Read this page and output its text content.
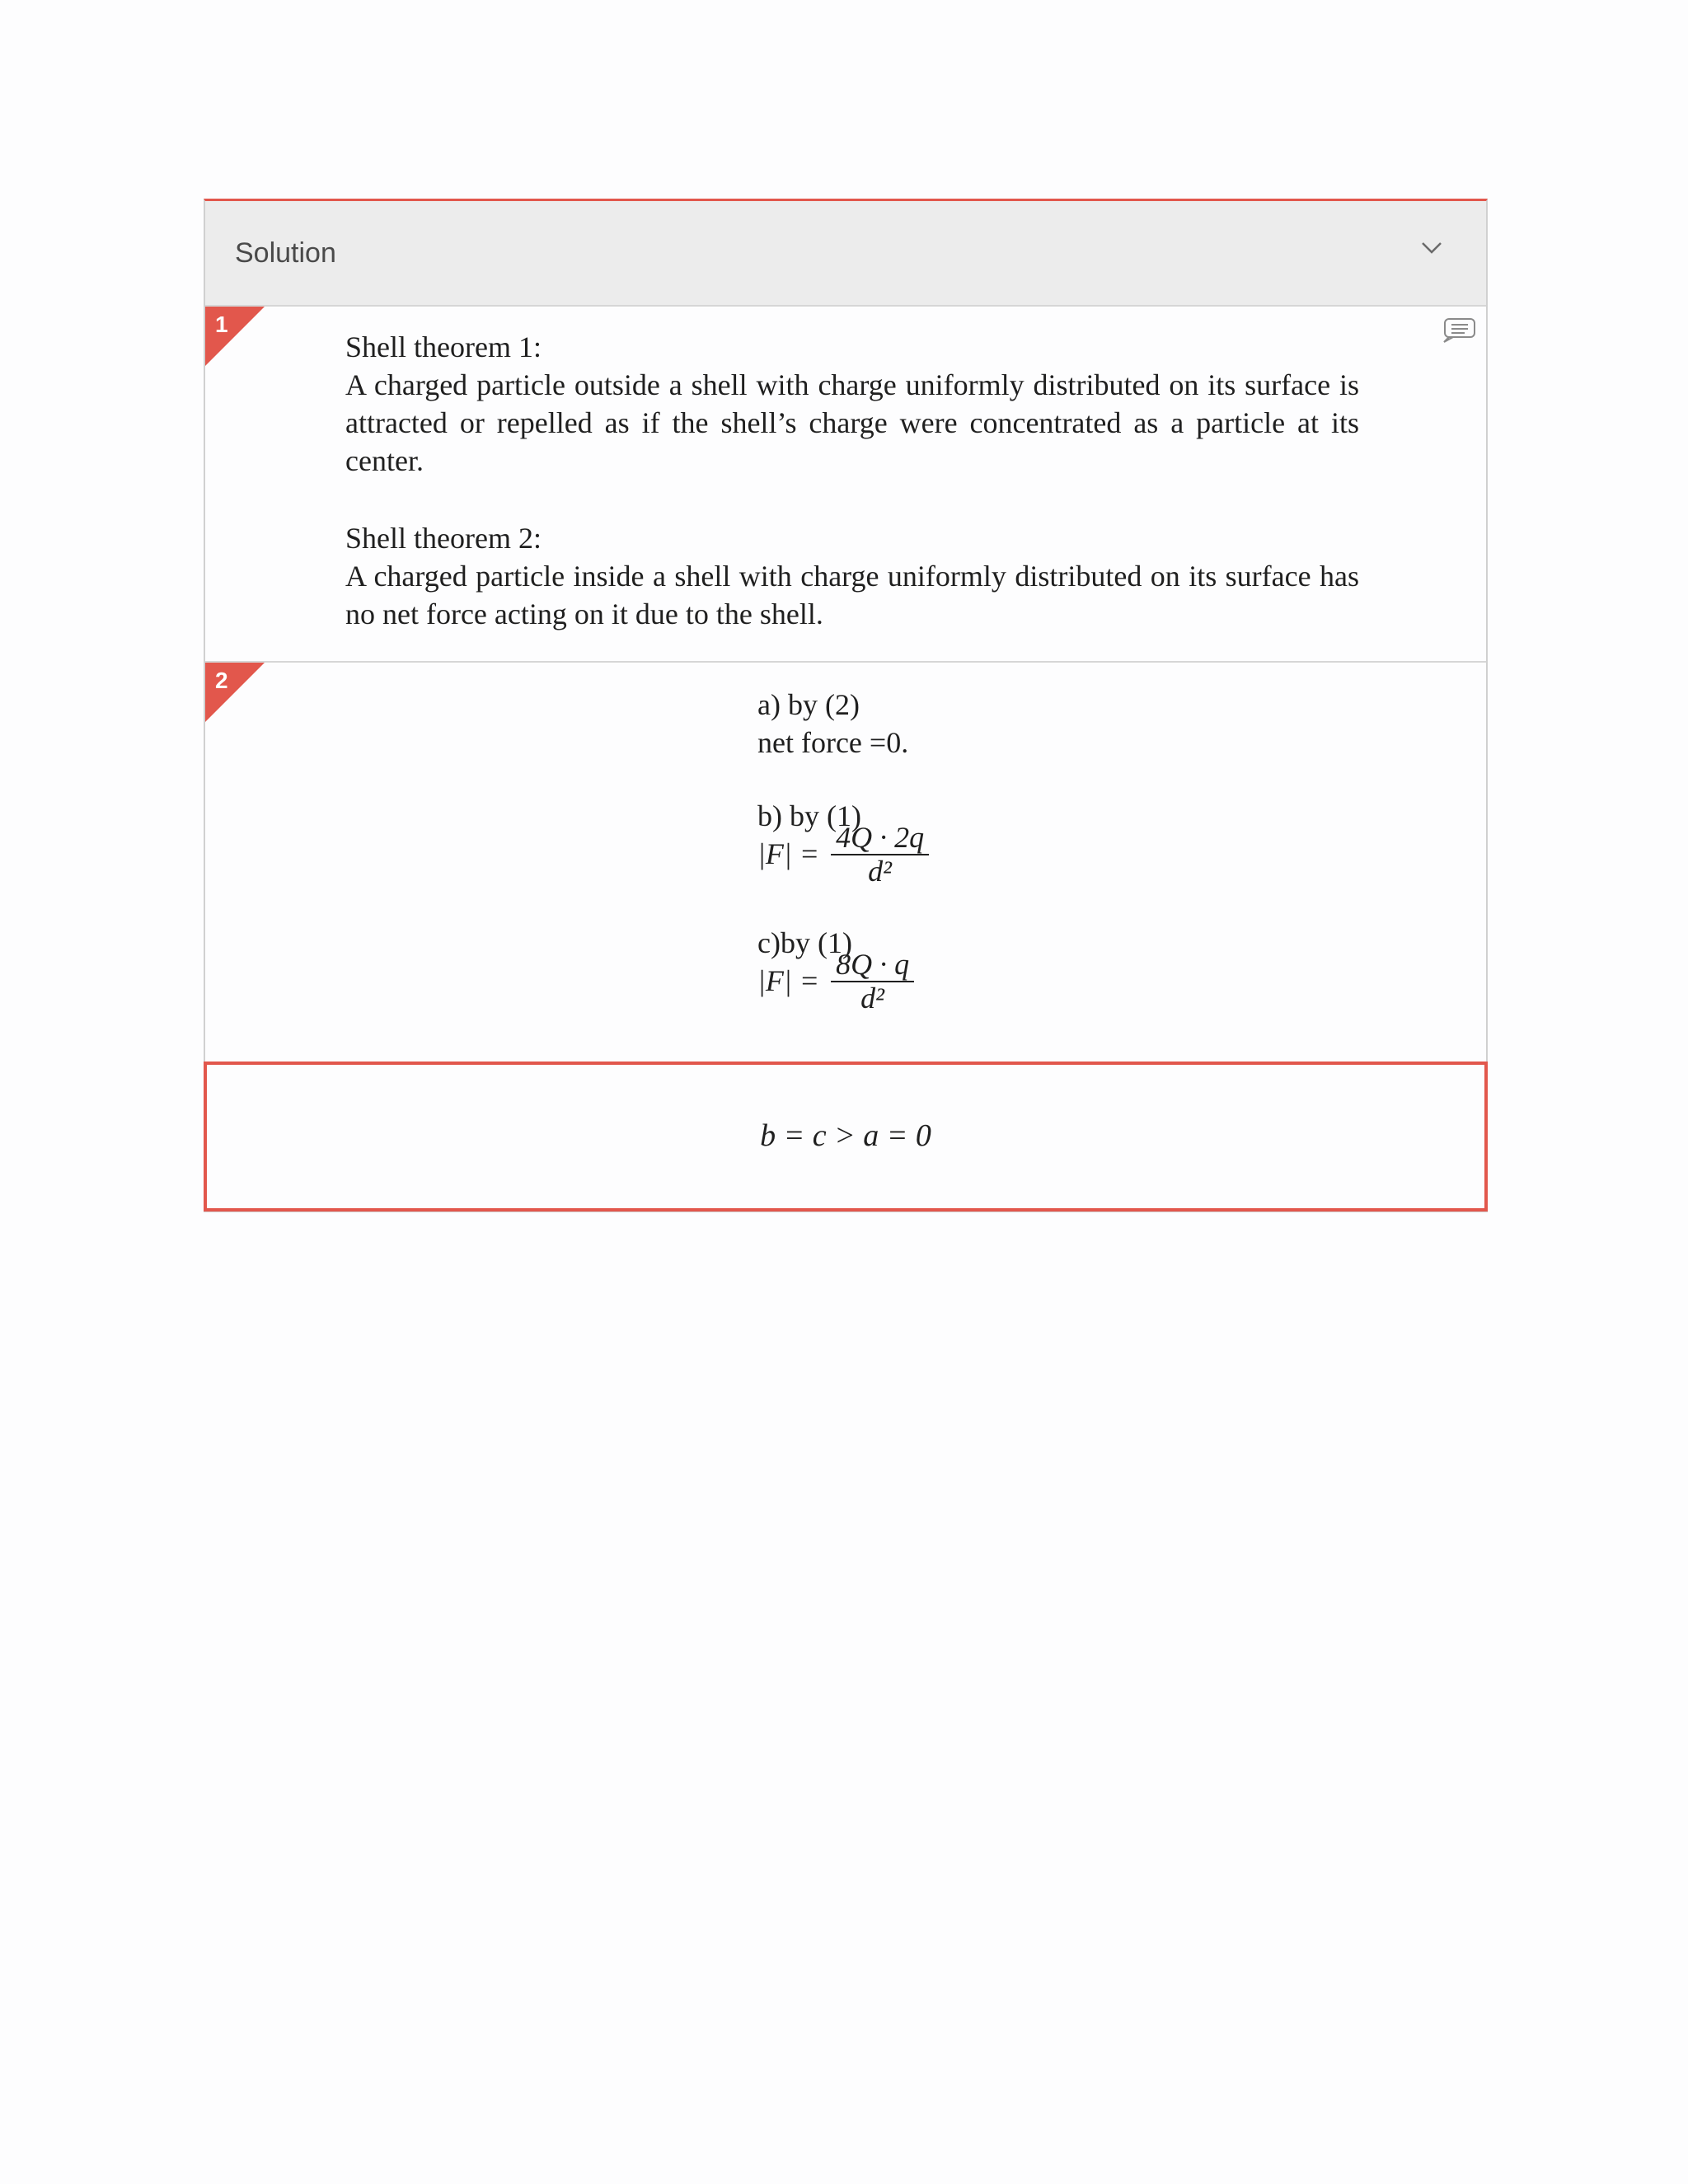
Solution
1
Shell theorem 1:
A charged particle outside a shell with charge uniformly distributed on its surface is attracted or repelled as if the shell’s charge were concentrated as a particle at its center.
Shell theorem 2:
A charged particle inside a shell with charge uniformly distributed on its surface has no net force acting on it due to the shell.
2
a) by (2)
net force =0.
b) by (1)
$|F| = \frac{4Q \cdot 2q}{\text{d²}}$
c)by (1)
$|F| = \frac{8Q \cdot q}{\text{d²}}$
b = c > a = 0
